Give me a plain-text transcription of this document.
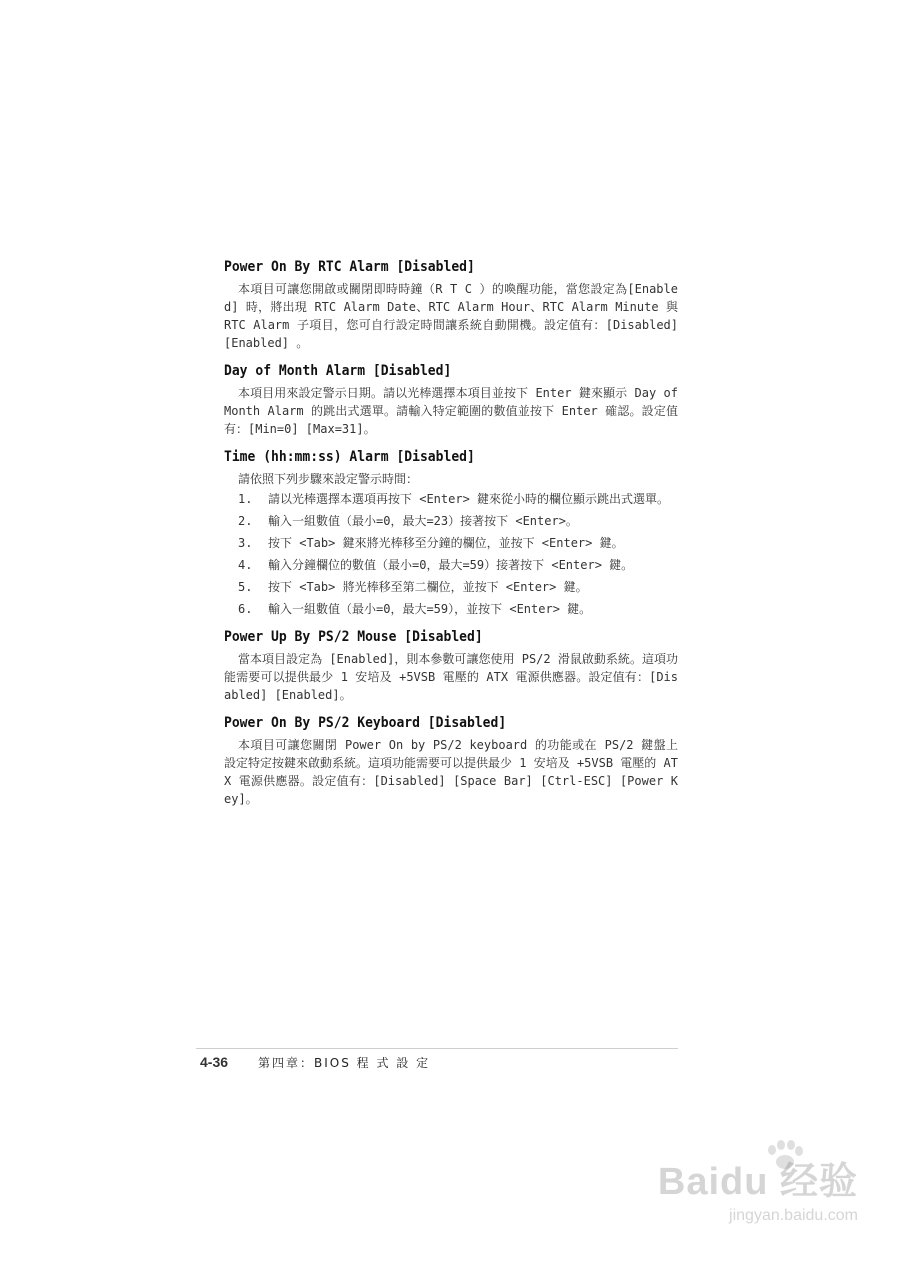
Power On By RTC Alarm [Disabled]

本項目可讓您開啟或關閉即時時鐘（R T C ）的喚醒功能，當您設定為[Enabled] 時，將出現 RTC Alarm Date、RTC Alarm Hour、RTC Alarm Minute 與 RTC Alarm 子項目，您可自行設定時間讓系統自動開機。設定值有：[Disabled] [Enabled] 。

Day of Month Alarm [Disabled]

本項目用來設定警示日期。請以光棒選擇本項目並按下 Enter 鍵來顯示 Day of Month Alarm 的跳出式選單。請輸入特定範圍的數值並按下 Enter 確認。設定值有：[Min=0] [Max=31]。

Time (hh:mm:ss) Alarm [Disabled]

請依照下列步驟來設定警示時間：

1.	請以光棒選擇本選項再按下 <Enter> 鍵來從小時的欄位顯示跳出式選單。
2.	輸入一組數值（最小=0，最大=23）接著按下 <Enter>。
3.	按下 <Tab> 鍵來將光棒移至分鐘的欄位，並按下 <Enter> 鍵。
4.	輸入分鐘欄位的數值（最小=0，最大=59）接著按下 <Enter> 鍵。
5.	按下 <Tab> 將光棒移至第二欄位，並按下 <Enter> 鍵。
6.	輸入一組數值（最小=0，最大=59），並按下 <Enter> 鍵。
Power Up By PS/2 Mouse [Disabled]

當本項目設定為 [Enabled]，則本參數可讓您使用 PS/2 滑鼠啟動系統。這項功能需要可以提供最少 1 安培及 +5VSB 電壓的 ATX 電源供應器。設定值有：[Disabled] [Enabled]。

Power On By PS/2 Keyboard [Disabled]

本項目可讓您關閉 Power On by PS/2 keyboard 的功能或在 PS/2 鍵盤上設定特定按鍵來啟動系統。這項功能需要可以提供最少 1 安培及 +5VSB 電壓的 ATX 電源供應器。設定值有：[Disabled] [Space Bar] [Ctrl-ESC] [Power Key]。

4-36	第四章：BIOS 程 式 設 定
Baidu 经验
jingyan.baidu.com
